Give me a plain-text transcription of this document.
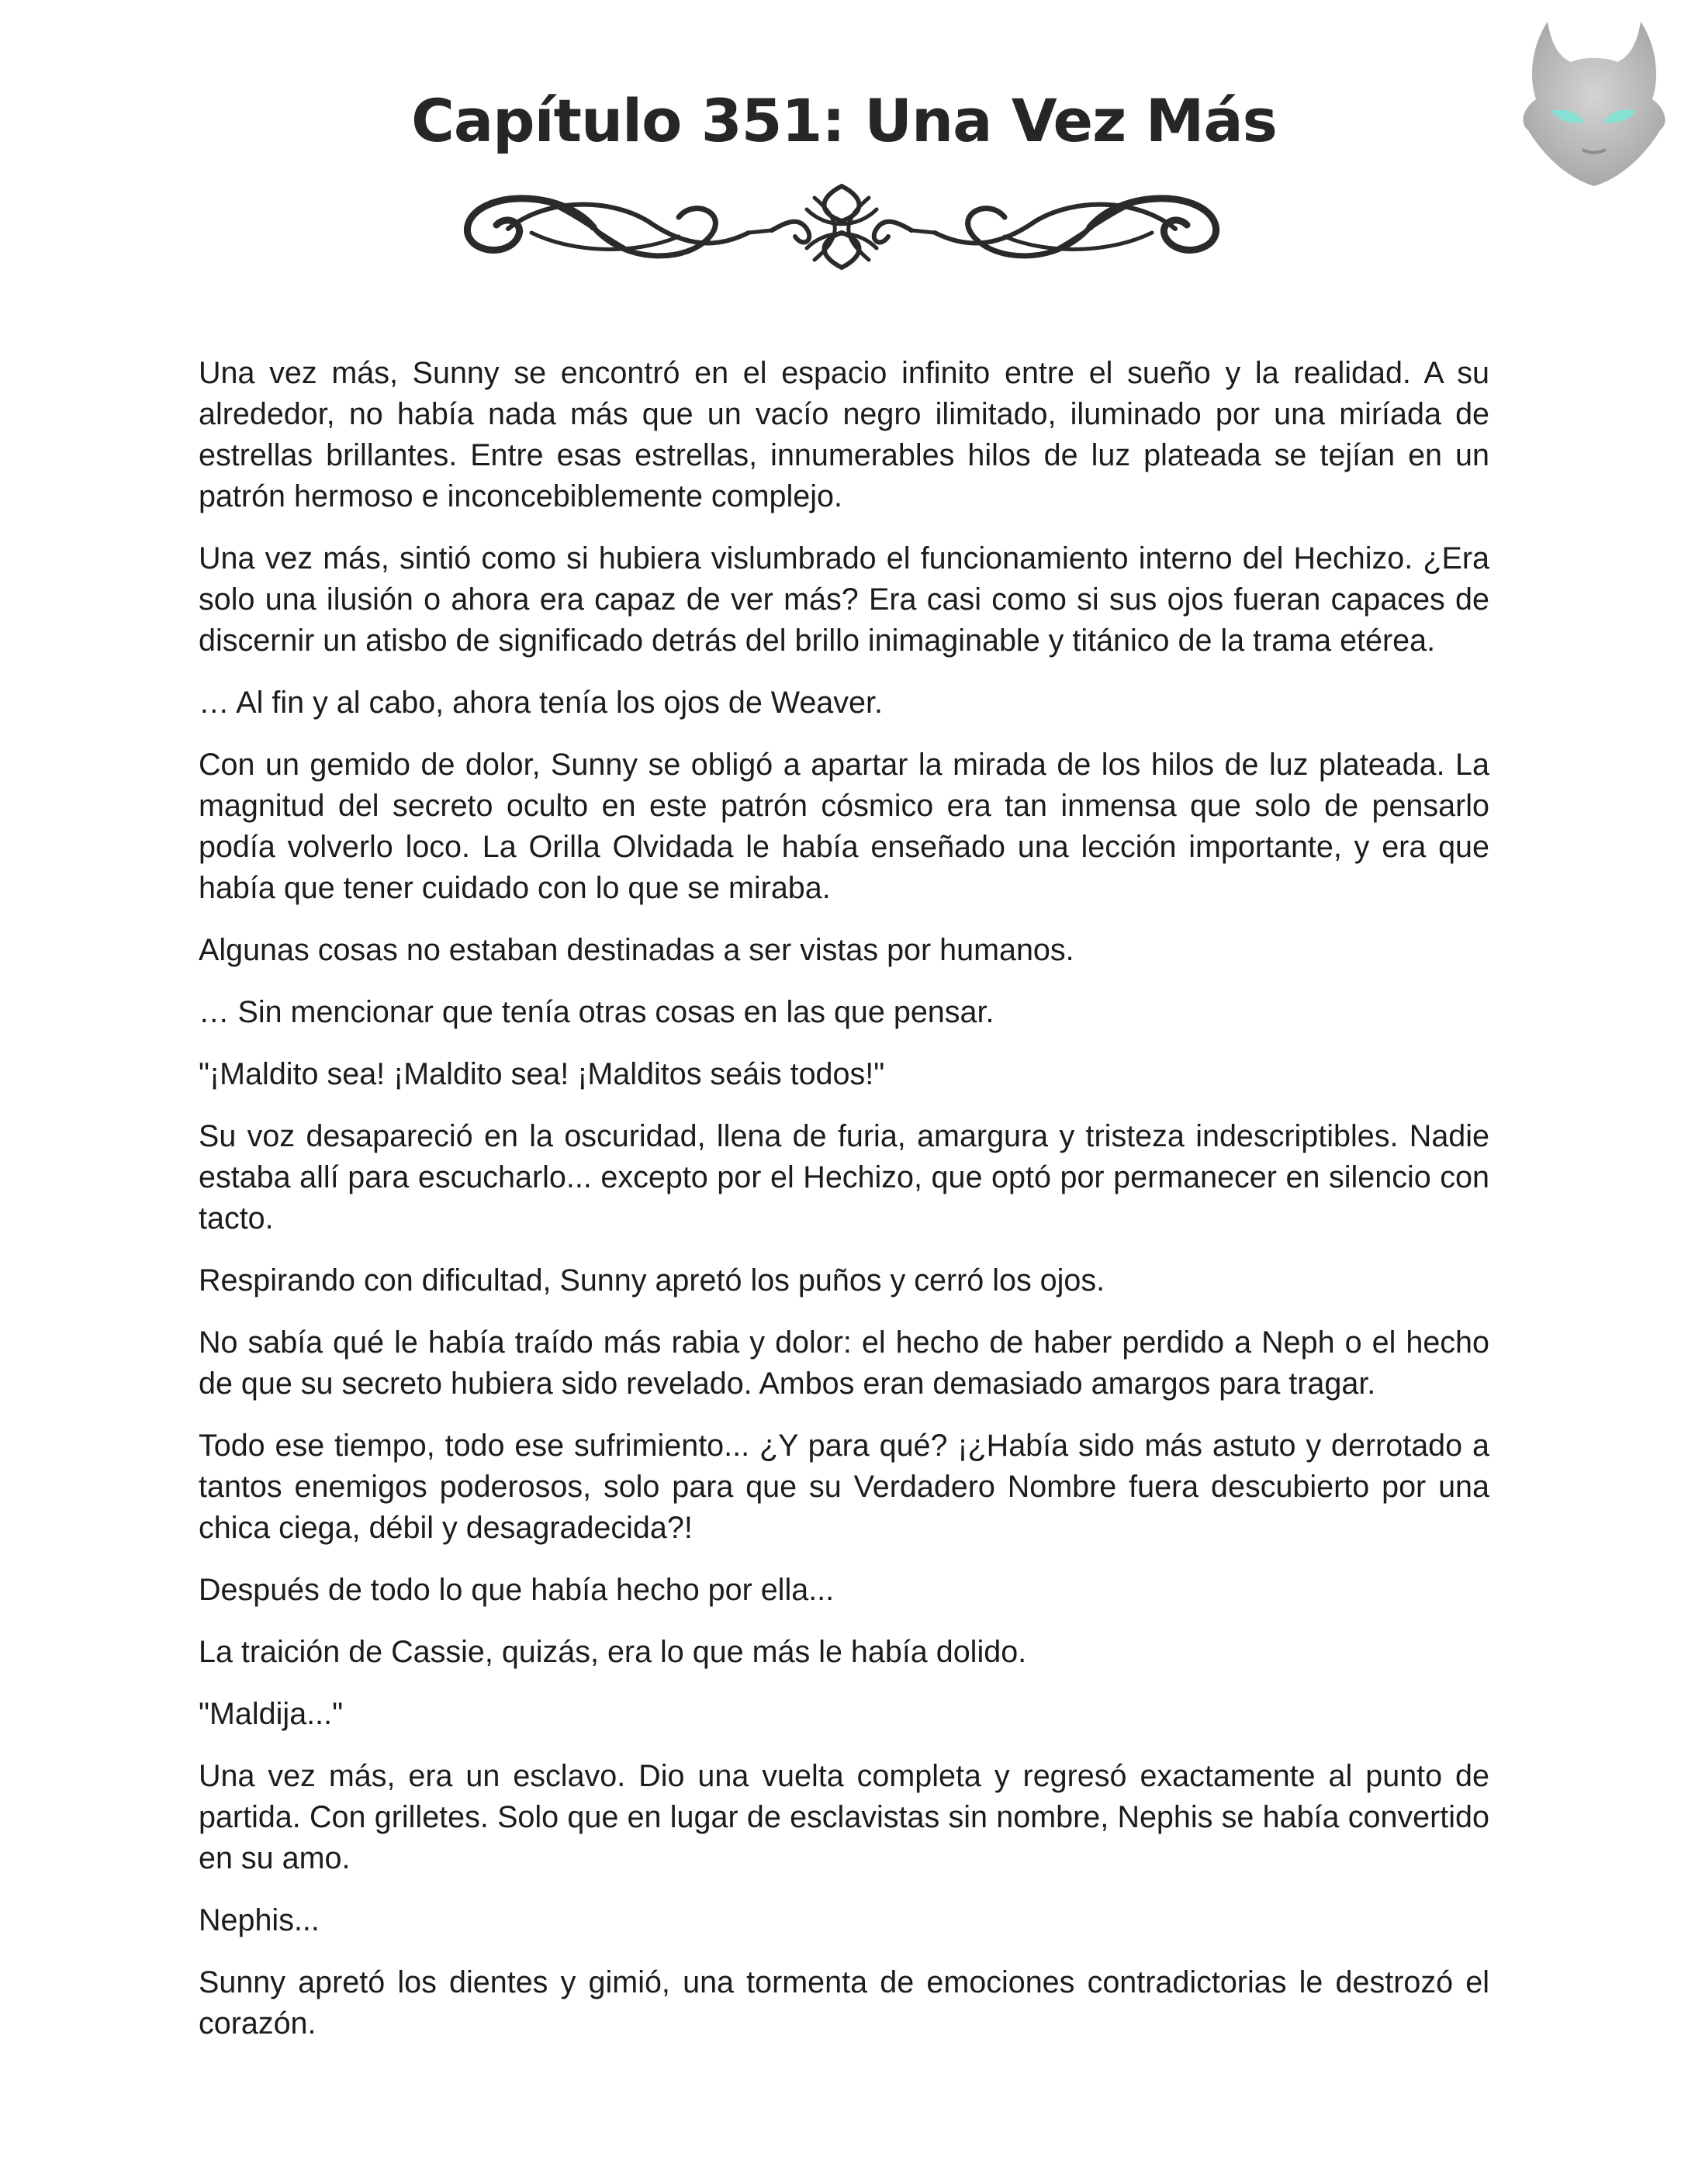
Capítulo 351: Una Vez Más

Una vez más, Sunny se encontró en el espacio infinito entre el sueño y la realidad. A su alrededor, no había nada más que un vacío negro ilimitado, iluminado por una miríada de estrellas brillantes. Entre esas estrellas, innumerables hilos de luz plateada se tejían en un patrón hermoso e inconcebiblemente complejo.

Una vez más, sintió como si hubiera vislumbrado el funcionamiento interno del Hechizo. ¿Era solo una ilusión o ahora era capaz de ver más? Era casi como si sus ojos fueran capaces de discernir un atisbo de significado detrás del brillo inimaginable y titánico de la trama etérea.

… Al fin y al cabo, ahora tenía los ojos de Weaver.

Con un gemido de dolor, Sunny se obligó a apartar la mirada de los hilos de luz plateada. La magnitud del secreto oculto en este patrón cósmico era tan inmensa que solo de pensarlo podía volverlo loco. La Orilla Olvidada le había enseñado una lección importante, y era que había que tener cuidado con lo que se miraba.

Algunas cosas no estaban destinadas a ser vistas por humanos.

… Sin mencionar que tenía otras cosas en las que pensar.

"¡Maldito sea! ¡Maldito sea! ¡Malditos seáis todos!"

Su voz desapareció en la oscuridad, llena de furia, amargura y tristeza indescriptibles. Nadie estaba allí para escucharlo... excepto por el Hechizo, que optó por permanecer en silencio con tacto.

Respirando con dificultad, Sunny apretó los puños y cerró los ojos.

No sabía qué le había traído más rabia y dolor: el hecho de haber perdido a Neph o el hecho de que su secreto hubiera sido revelado. Ambos eran demasiado amargos para tragar.

Todo ese tiempo, todo ese sufrimiento... ¿Y para qué? ¡¿Había sido más astuto y derrotado a tantos enemigos poderosos, solo para que su Verdadero Nombre fuera descubierto por una chica ciega, débil y desagradecida?!

Después de todo lo que había hecho por ella...

La traición de Cassie, quizás, era lo que más le había dolido.

"Maldija..."

Una vez más, era un esclavo. Dio una vuelta completa y regresó exactamente al punto de partida. Con grilletes. Solo que en lugar de esclavistas sin nombre, Nephis se había convertido en su amo.

Nephis...

Sunny apretó los dientes y gimió, una tormenta de emociones contradictorias le destrozó el corazón.
